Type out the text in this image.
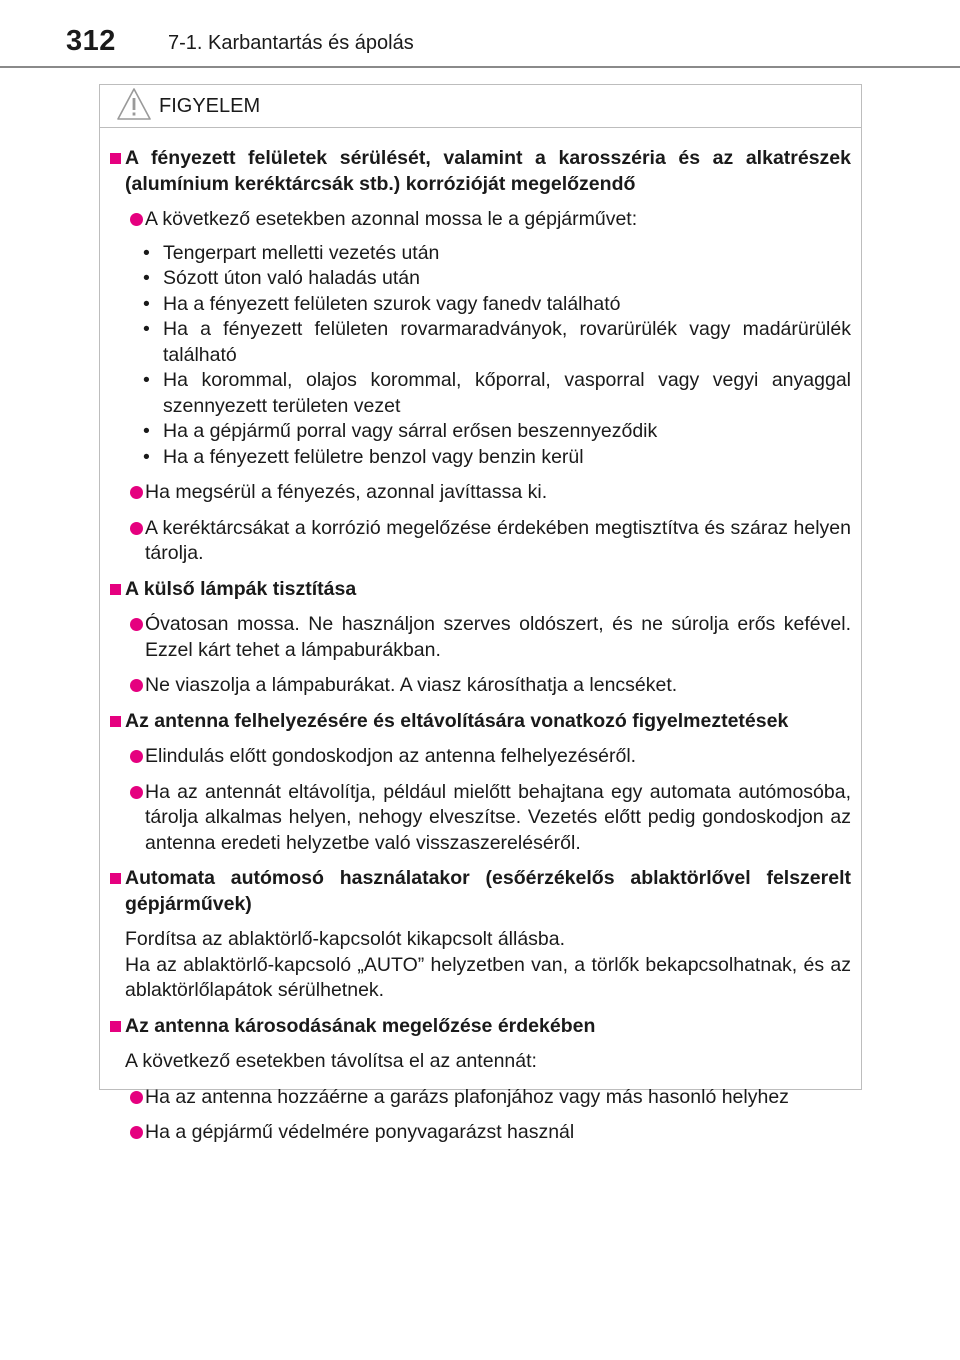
312	7-1. Karbantartás és ápolás
FIGYELEM
A fényezett felületek sérülését, valamint a karosszéria és az alkatrészek (alumínium keréktárcsák stb.) korrózióját megelőzendő
A következő esetekben azonnal mossa le a gépjárművet:
• Tengerpart melletti vezetés után
• Sózott úton való haladás után
• Ha a fényezett felületen szurok vagy fanedv található
• Ha a fényezett felületen rovarmaradványok, rovarürülék vagy madárürülék található
• Ha korommal, olajos korommal, kőporral, vasporral vagy vegyi anyaggal szennyezett területen vezet
• Ha a gépjármű porral vagy sárral erősen beszennyeződik
• Ha a fényezett felületre benzol vagy benzin kerül
Ha megsérül a fényezés, azonnal javíttassa ki.
A keréktárcsákat a korrózió megelőzése érdekében megtisztítva és száraz helyen tárolja.
A külső lámpák tisztítása
Óvatosan mossa. Ne használjon szerves oldószert, és ne súrolja erős kefével. Ezzel kárt tehet a lámpaburákban.
Ne viaszolja a lámpaburákat. A viasz károsíthatja a lencséket.
Az antenna felhelyezésére és eltávolítására vonatkozó figyelmeztetések
Elindulás előtt gondoskodjon az antenna felhelyezéséről.
Ha az antennát eltávolítja, például mielőtt behajtana egy automata autómosóba, tárolja alkalmas helyen, nehogy elveszítse. Vezetés előtt pedig gondoskodjon az antenna eredeti helyzetbe való visszaszereléséről.
Automata autómosó használatakor (esőérzékelős ablaktörlővel felszerelt gépjárművek)
Fordítsa az ablaktörlő-kapcsolót kikapcsolt állásba.
Ha az ablaktörlő-kapcsoló „AUTO” helyzetben van, a törlők bekapcsolhatnak, és az ablaktörlőlapátok sérülhetnek.
Az antenna károsodásának megelőzése érdekében
A következő esetekben távolítsa el az antennát:
Ha az antenna hozzáérne a garázs plafonjához vagy más hasonló helyhez
Ha a gépjármű védelmére ponyvagarázst használ
